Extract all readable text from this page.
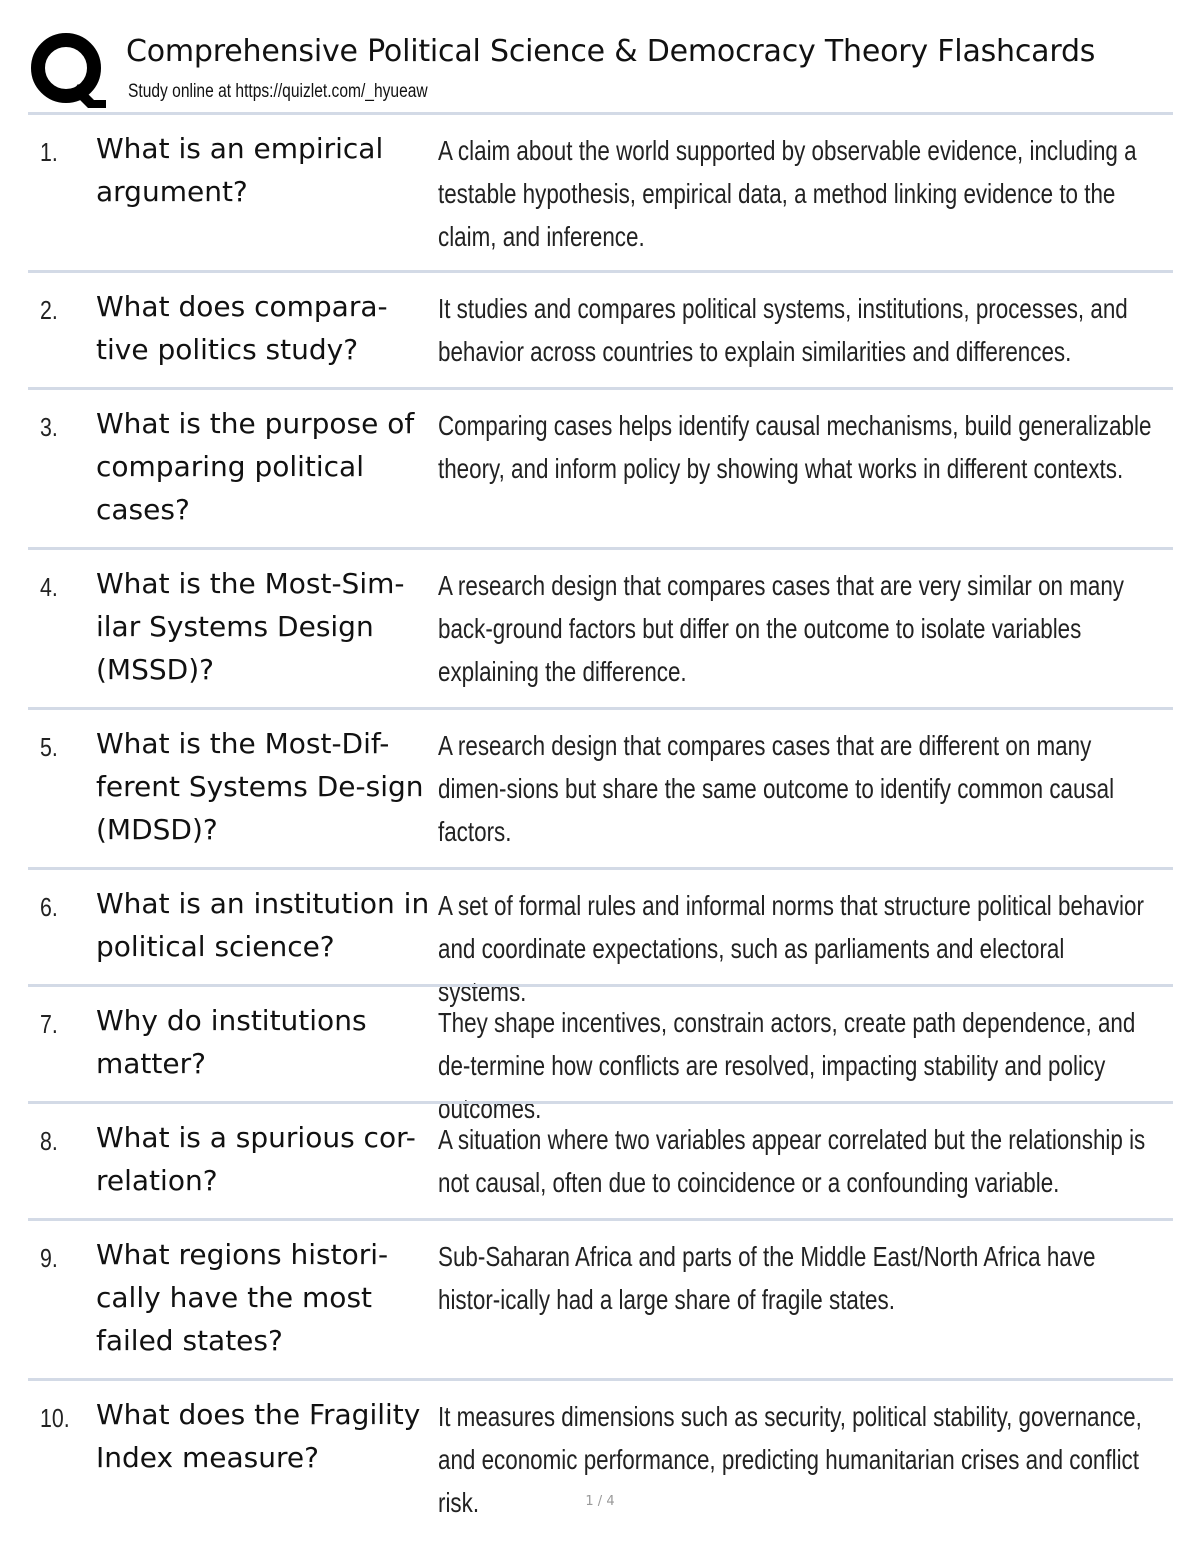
Comprehensive Political Science & Democracy Theory Flashcards
Study online at https://quizlet.com/_hyueaw
1. What is an empirical argument?
A claim about the world supported by observable evidence, including a testable hypothesis, empirical data, a method linking evidence to the claim, and inference.
2. What does compara-tive politics study?
It studies and compares political systems, institutions, processes, and behavior across countries to explain similarities and differences.
3. What is the purpose of comparing political cases?
Comparing cases helps identify causal mechanisms, build generalizable theory, and inform policy by showing what works in different contexts.
4. What is the Most-Sim-ilar Systems Design (MSSD)?
A research design that compares cases that are very similar on many back-ground factors but differ on the outcome to isolate variables explaining the difference.
5. What is the Most-Dif-ferent Systems De-sign (MDSD)?
A research design that compares cases that are different on many dimen-sions but share the same outcome to identify common causal factors.
6. What is an institution in political science?
A set of formal rules and informal norms that structure political behavior and coordinate expectations, such as parliaments and electoral systems.
7. Why do institutions matter?
They shape incentives, constrain actors, create path dependence, and de-termine how conflicts are resolved, impacting stability and policy outcomes.
8. What is a spurious cor-relation?
A situation where two variables appear correlated but the relationship is not causal, often due to coincidence or a confounding variable.
9. What regions histori-cally have the most failed states?
Sub-Saharan Africa and parts of the Middle East/North Africa have histor-ically had a large share of fragile states.
10. What does the Fragility Index measure?
It measures dimensions such as security, political stability, governance, and economic performance, predicting humanitarian crises and conflict risk.	1 / 4
